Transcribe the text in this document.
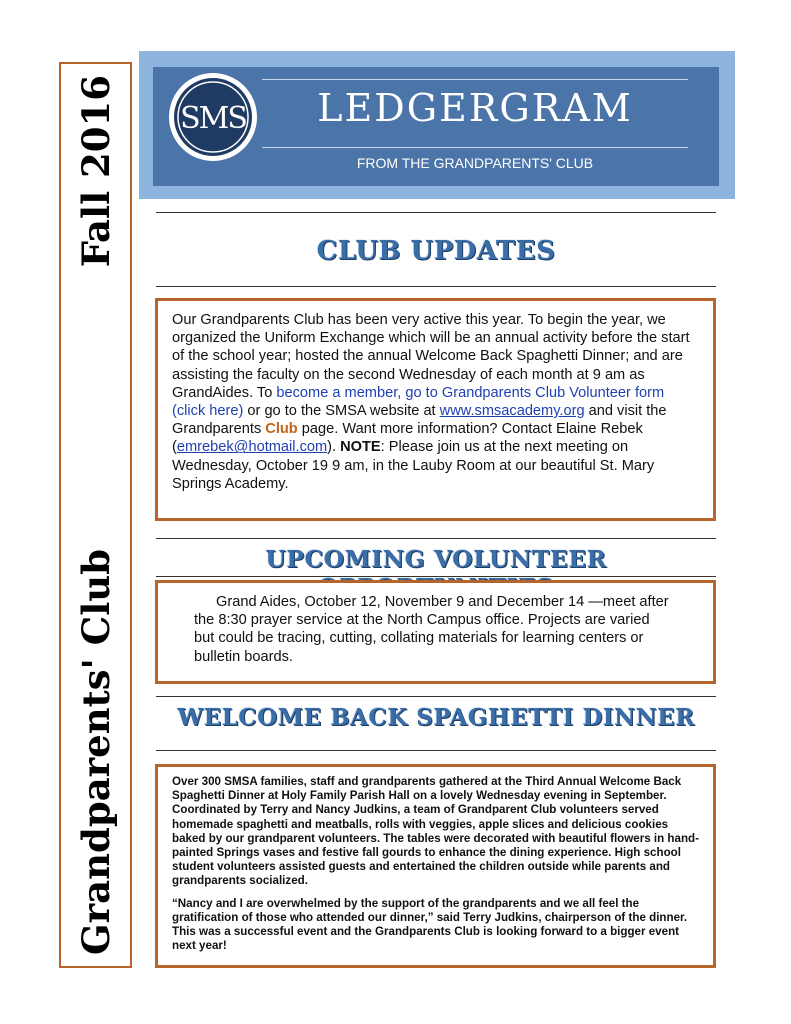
Grandparents' Club
Fall 2016 SMS	LEDGERGRAM
FROM THE GRANDPARENTS' CLUB
CLUB UPDATES

Our Grandparents Club has been very active this year. To begin the year, we organized the Uniform Exchange which will be an annual activity before the start of the school year; hosted the annual Welcome Back Spaghetti Dinner; and are assisting the faculty on the second Wednesday of each month at 9 am as GrandAides. To become a member, go to Grandparents Club Volunteer form (click here) or go to the SMSA website at www.smsacademy.org and visit the Grandparents Club page. Want more information? Contact Elaine Rebek (emrebek@hotmail.com). NOTE: Please join us at the next meeting on Wednesday, October 19 9 am, in the Lauby Room at our beautiful St. Mary Springs Academy.

UPCOMING VOLUNTEER

Grand Aides, October 12, November 9 and December 14 —meet after the 8:30 prayer service at the North Campus office. Projects are varied but could be tracing, cutting, collating materials for learning centers or bulletin boards.

WELCOME BACK SPAGHETTI DINNER

Over 300 SMSA families, staff and grandparents gathered at the Third Annual Welcome Back Spaghetti Dinner at Holy Family Parish Hall on a lovely Wednesday evening in September. Coordinated by Terry and Nancy Judkins, a team of Grandparent Club volunteers served homemade spaghetti and meatballs, rolls with veggies, apple slices and delicious cookies baked by our grandparent volunteers. The tables were decorated with beautiful flowers in hand-painted Springs vases and festive fall gourds to enhance the dining experience. High school student volunteers assisted guests and entertained the children outside while parents and grandparents socialized.

“Nancy and I are overwhelmed by the support of the grandparents and we all feel the gratification of those who attended our dinner,” said Terry Judkins, chairperson of the dinner. This was a successful event and the Grandparents Club is looking forward to a bigger event next year!
